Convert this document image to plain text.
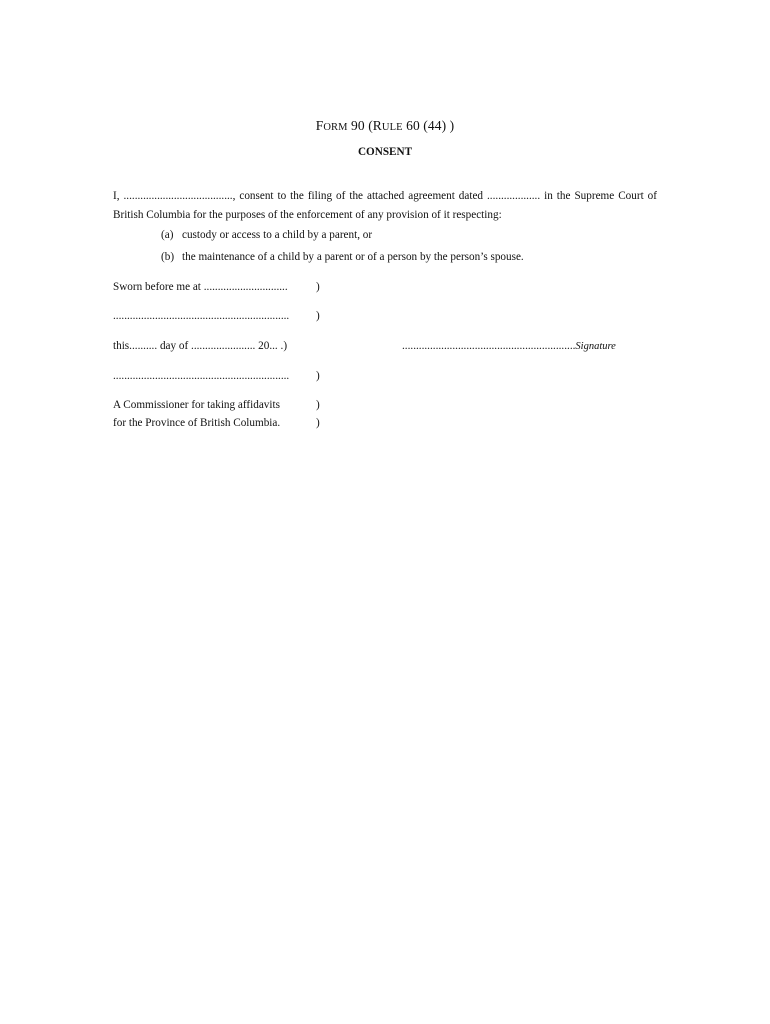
FORM 90 (RULE 60 (44) )
CONSENT

I, ......................................., consent to the filing of the attached agreement dated ................... in the Supreme Court of British Columbia for the purposes of the enforcement of any provision of it respecting:

(a) custody or access to a child by a parent, or
(b) the maintenance of a child by a parent or of a person by the person’s spouse.
Sworn before me at ..............................	)
............................................................... )
this.......... day of ....................... 20... .)	..............................................................Signature
............................................................... )
A Commissioner for taking affidavits	)
for the Province of British Columbia.	)
